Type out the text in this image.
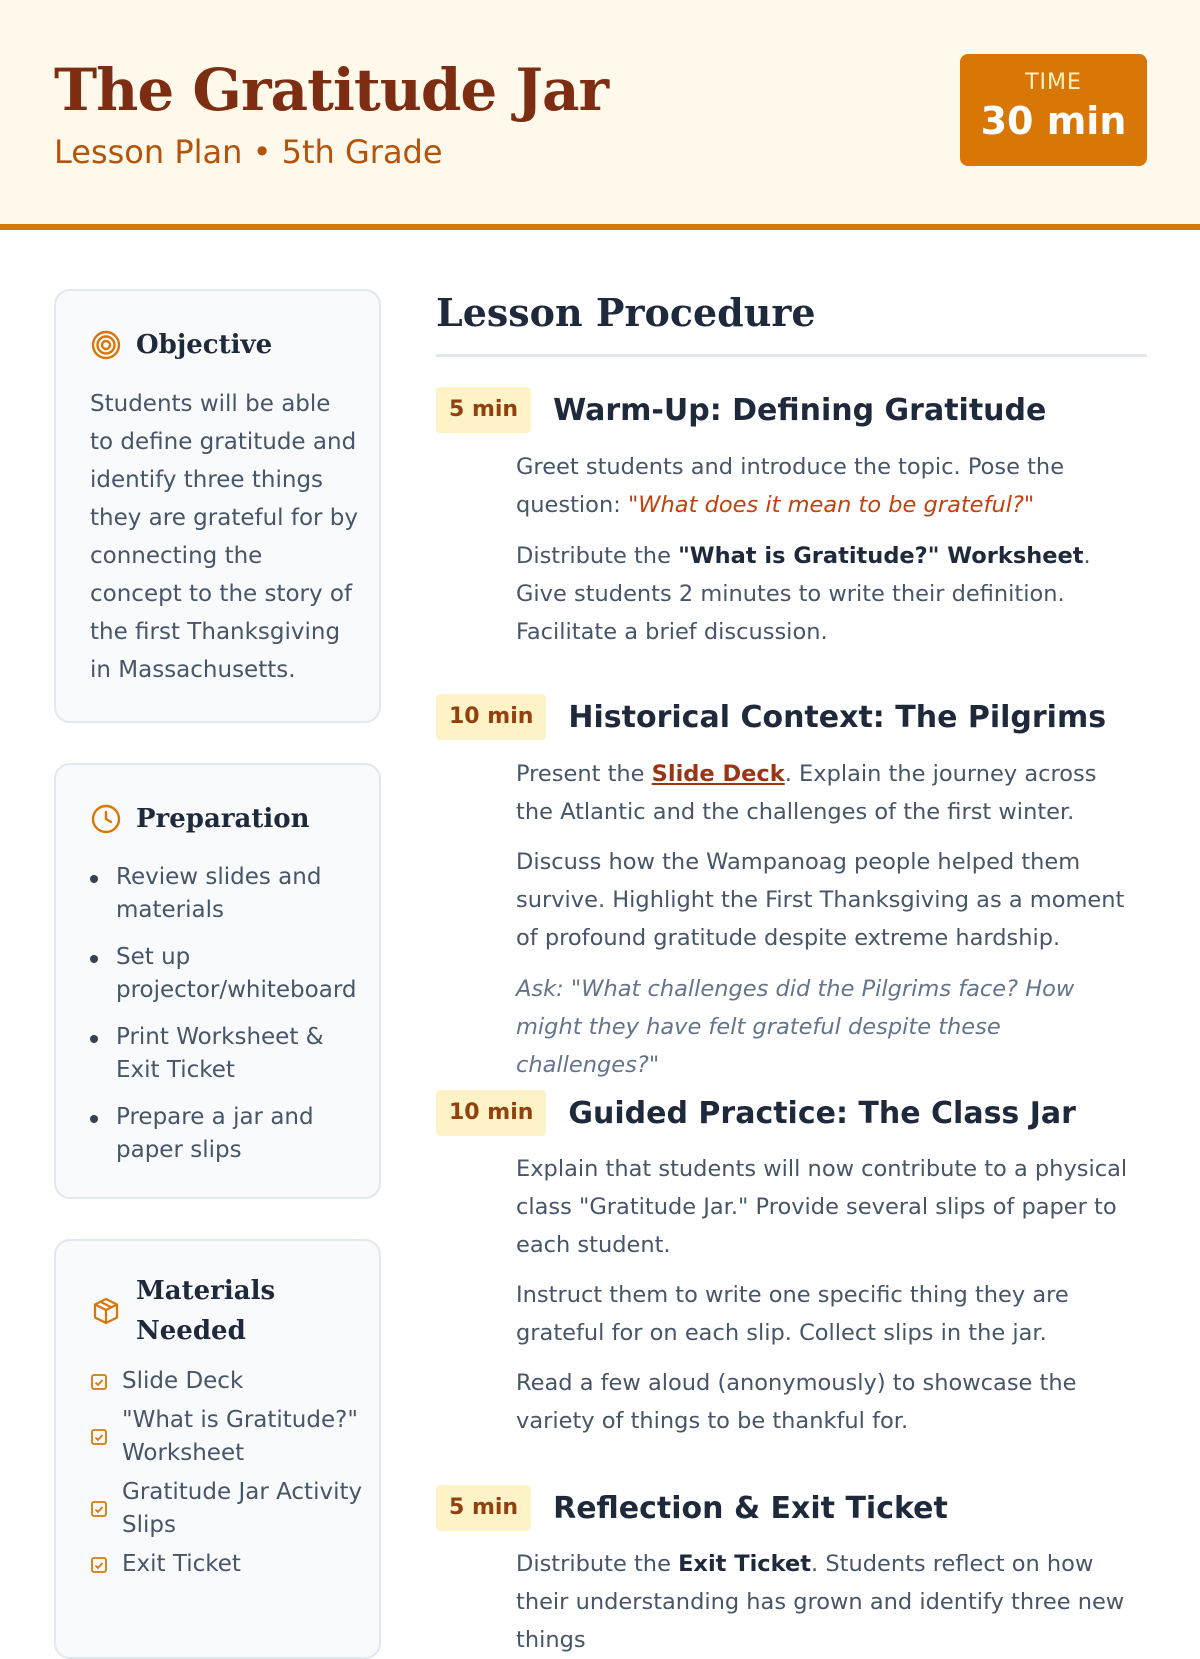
The Gratitude Jar
Lesson Plan • 5th Grade
TIME
30 min
Objective
Students will be able to define gratitude and identify three things they are grateful for by connecting the concept to the story of the first Thanksgiving in Massachusetts.
Preparation
Review slides and materials
Set up projector/whiteboard
Print Worksheet & Exit Ticket
Prepare a jar and paper slips
Materials Needed
Slide Deck
"What is Gratitude?" Worksheet
Gratitude Jar Activity Slips
Exit Ticket
Lesson Procedure
5 min	Warm-Up: Defining Gratitude
Greet students and introduce the topic. Pose the question: "What does it mean to be grateful?"
Distribute the "What is Gratitude?" Worksheet. Give students 2 minutes to write their definition. Facilitate a brief discussion.
10 min	Historical Context: The Pilgrims
Present the Slide Deck. Explain the journey across the Atlantic and the challenges of the first winter.
Discuss how the Wampanoag people helped them survive. Highlight the First Thanksgiving as a moment of profound gratitude despite extreme hardship.
Ask: "What challenges did the Pilgrims face? How might they have felt grateful despite these challenges?"
10 min	Guided Practice: The Class Jar
Explain that students will now contribute to a physical class "Gratitude Jar." Provide several slips of paper to each student.
Instruct them to write one specific thing they are grateful for on each slip. Collect slips in the jar.
Read a few aloud (anonymously) to showcase the variety of things to be thankful for.
5 min	Reflection & Exit Ticket
Distribute the Exit Ticket. Students reflect on how their understanding has grown and identify three new things
